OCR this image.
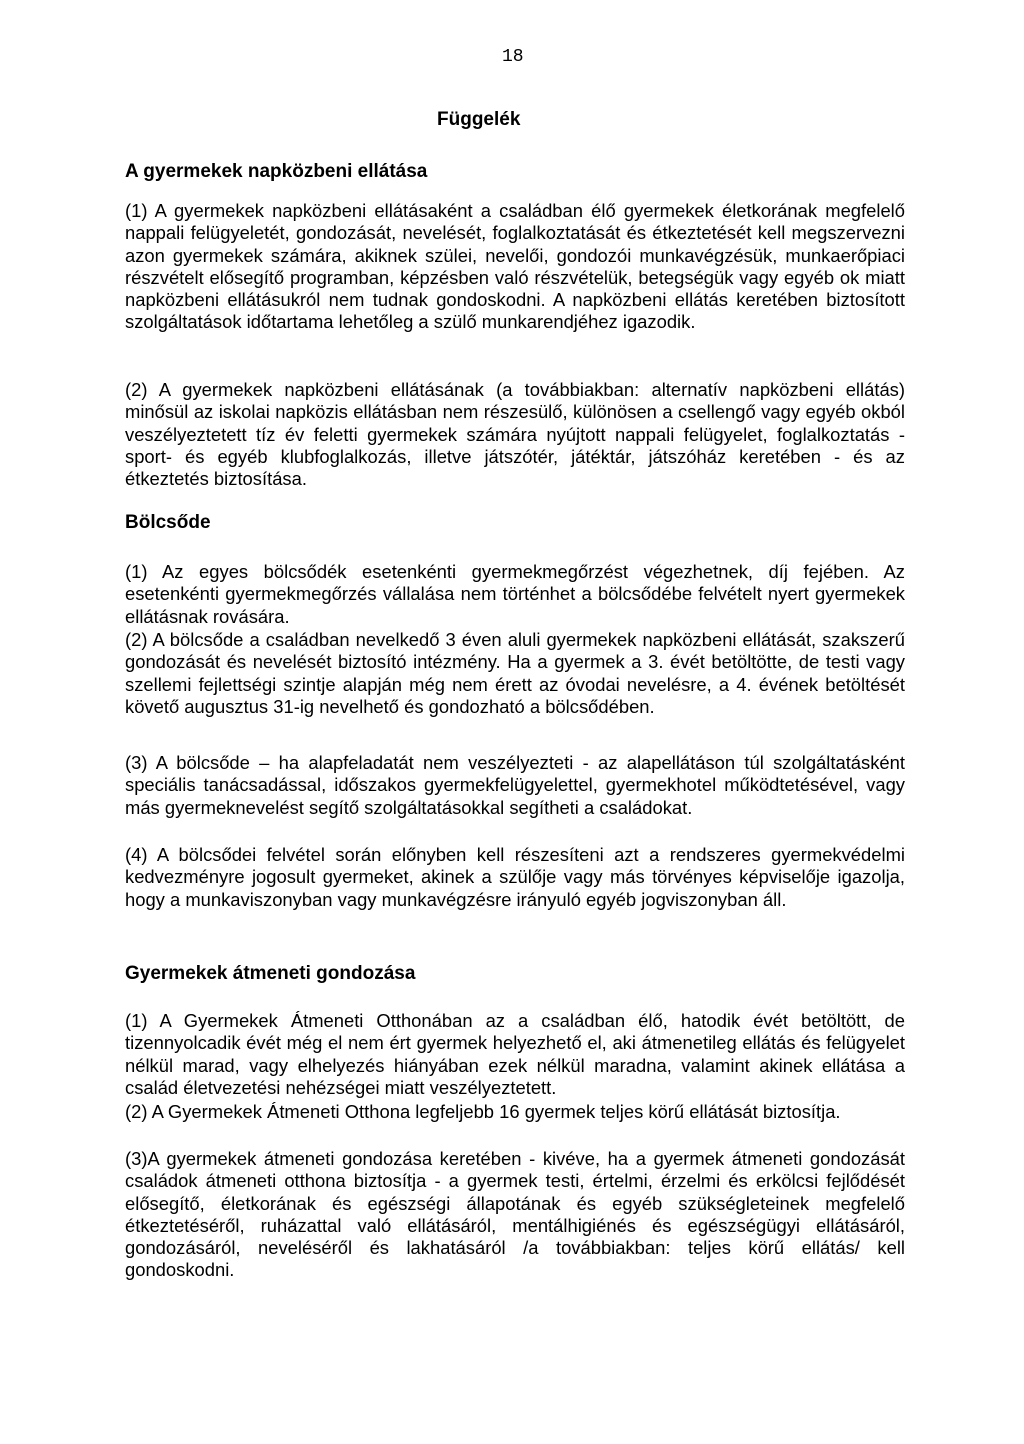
18
Függelék
A gyermekek napközbeni ellátása

(1) A gyermekek napközbeni ellátásaként a családban élő gyermekek életkorának megfelelő nappali felügyeletét, gondozását, nevelését, foglalkoztatását és étkeztetését kell megszervezni azon gyermekek számára, akiknek szülei, nevelői, gondozói munkavégzésük, munkaerőpiaci részvételt elősegítő programban, képzésben való részvételük, betegségük vagy egyéb ok miatt napközbeni ellátásukról nem tudnak gondoskodni. A napközbeni ellátás keretében biztosított szolgáltatások időtartama lehetőleg a szülő munkarendjéhez igazodik.

(2) A gyermekek napközbeni ellátásának (a továbbiakban: alternatív napközbeni ellátás) minősül az iskolai napközis ellátásban nem részesülő, különösen a csellengő vagy egyéb okból veszélyeztetett tíz év feletti gyermekek számára nyújtott nappali felügyelet, foglalkoztatás - sport- és egyéb klubfoglalkozás, illetve játszótér, játéktár, játszóház keretében - és az étkeztetés biztosítása.

Bölcsőde

(1) Az egyes bölcsődék esetenkénti gyermekmegőrzést végezhetnek, díj fejében. Az esetenkénti gyermekmegőrzés vállalása nem történhet a bölcsődébe felvételt nyert gyermekek ellátásnak rovására.

(2) A bölcsőde a családban nevelkedő 3 éven aluli gyermekek napközbeni ellátását, szakszerű gondozását és nevelését biztosító intézmény. Ha a gyermek a 3. évét betöltötte, de testi vagy szellemi fejlettségi szintje alapján még nem érett az óvodai nevelésre, a 4. évének betöltését követő augusztus 31-ig nevelhető és gondozható a bölcsődében.

(3) A bölcsőde – ha alapfeladatát nem veszélyezteti - az alapellátáson túl szolgáltatásként speciális tanácsadással, időszakos gyermekfelügyelettel, gyermekhotel működtetésével, vagy más gyermeknevelést segítő szolgáltatásokkal segítheti a családokat.

(4) A bölcsődei felvétel során előnyben kell részesíteni azt a rendszeres gyermekvédelmi kedvezményre jogosult gyermeket, akinek a szülője vagy más törvényes képviselője igazolja, hogy a munkaviszonyban vagy munkavégzésre irányuló egyéb jogviszonyban áll.

Gyermekek átmeneti gondozása

(1) A Gyermekek Átmeneti Otthonában az a családban élő, hatodik évét betöltött, de tizennyolcadik évét még el nem ért gyermek helyezhető el, aki átmenetileg ellátás és felügyelet nélkül marad, vagy elhelyezés hiányában ezek nélkül maradna, valamint akinek ellátása a család életvezetési nehézségei miatt veszélyeztetett.

(2) A Gyermekek Átmeneti Otthona legfeljebb 16 gyermek teljes körű ellátását biztosítja.

(3)A gyermekek átmeneti gondozása keretében - kivéve, ha a gyermek átmeneti gondozását családok átmeneti otthona biztosítja - a gyermek testi, értelmi, érzelmi és erkölcsi fejlődését elősegítő, életkorának és egészségi állapotának és egyéb szükségleteinek megfelelő étkeztetéséről, ruházattal való ellátásáról, mentálhigiénés és egészségügyi ellátásáról, gondozásáról, neveléséről és lakhatásáról /a továbbiakban: teljes körű ellátás/ kell gondoskodni.
